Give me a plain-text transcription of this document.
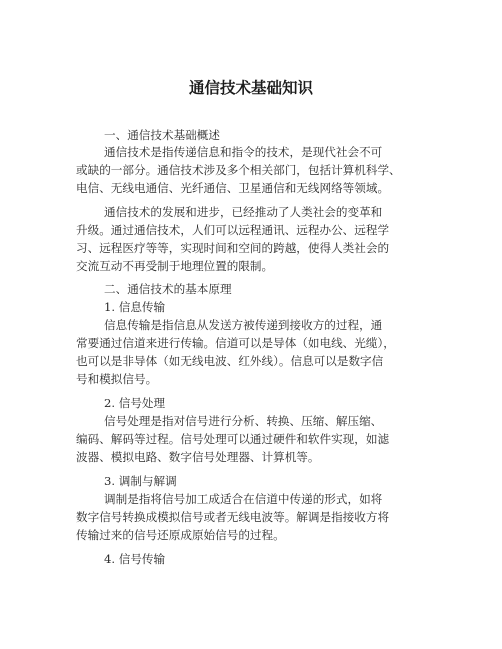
通信技术基础知识
一、通信技术基础概述
通信技术是指传递信息和指令的技术，是现代社会不可
或缺的一部分。通信技术涉及多个相关部门，包括计算机科学、
电信、无线电通信、光纤通信、卫星通信和无线网络等领域。
通信技术的发展和进步，已经推动了人类社会的变革和
升级。通过通信技术，人们可以远程通讯、远程办公、远程学
习、远程医疗等等，实现时间和空间的跨越，使得人类社会的
交流互动不再受制于地理位置的限制。
二、通信技术的基本原理
1. 信息传输
信息传输是指信息从发送方被传递到接收方的过程，通
常要通过信道来进行传输。信道可以是导体（如电线、光缆），
也可以是非导体（如无线电波、红外线）。信息可以是数字信
号和模拟信号。
2. 信号处理
信号处理是指对信号进行分析、转换、压缩、解压缩、
编码、解码等过程。信号处理可以通过硬件和软件实现，如滤
波器、模拟电路、数字信号处理器、计算机等。
3. 调制与解调
调制是指将信号加工成适合在信道中传递的形式，如将
数字信号转换成模拟信号或者无线电波等。解调是指接收方将
传输过来的信号还原成原始信号的过程。
4. 信号传输
